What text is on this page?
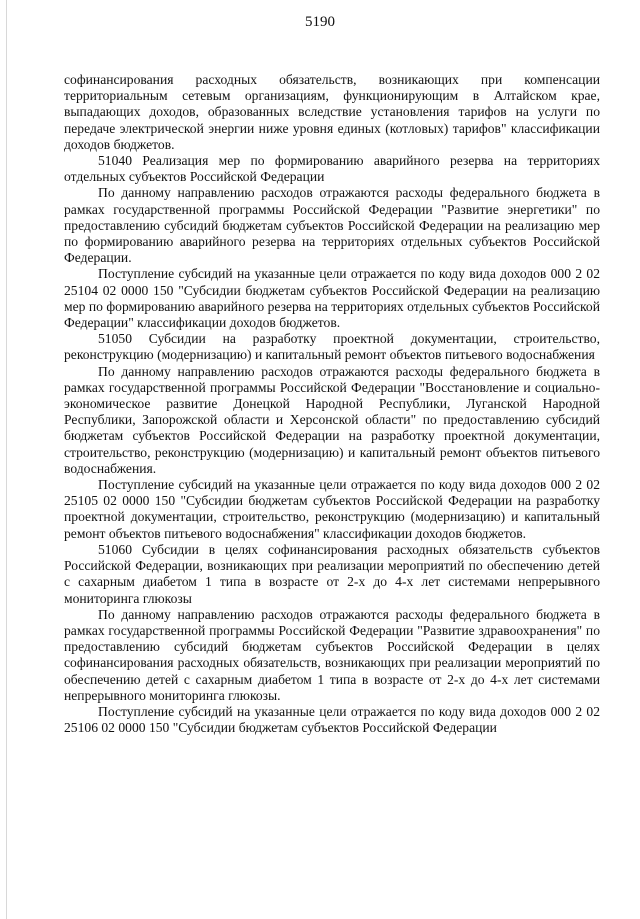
5190

софинансирования расходных обязательств, возникающих при компенсации территориальным сетевым организациям, функционирующим в Алтайском крае, выпадающих доходов, образованных вследствие установления тарифов на услуги по передаче электрической энергии ниже уровня единых (котловых) тарифов" классификации доходов бюджетов.

51040 Реализация мер по формированию аварийного резерва на территориях отдельных субъектов Российской Федерации

По данному направлению расходов отражаются расходы федерального бюджета в рамках государственной программы Российской Федерации "Развитие энергетики" по предоставлению субсидий бюджетам субъектов Российской Федерации на реализацию мер по формированию аварийного резерва на территориях отдельных субъектов Российской Федерации.

Поступление субсидий на указанные цели отражается по коду вида доходов 000 2 02 25104 02 0000 150 "Субсидии бюджетам субъектов Российской Федерации на реализацию мер по формированию аварийного резерва на территориях отдельных субъектов Российской Федерации" классификации доходов бюджетов.

51050 Субсидии на разработку проектной документации, строительство, реконструкцию (модернизацию) и капитальный ремонт объектов питьевого водоснабжения

По данному направлению расходов отражаются расходы федерального бюджета в рамках государственной программы Российской Федерации "Восстановление и социально-экономическое развитие Донецкой Народной Республики, Луганской Народной Республики, Запорожской области и Херсонской области" по предоставлению субсидий бюджетам субъектов Российской Федерации на разработку проектной документации, строительство, реконструкцию (модернизацию) и капитальный ремонт объектов питьевого водоснабжения.

Поступление субсидий на указанные цели отражается по коду вида доходов 000 2 02 25105 02 0000 150 "Субсидии бюджетам субъектов Российской Федерации на разработку проектной документации, строительство, реконструкцию (модернизацию) и капитальный ремонт объектов питьевого водоснабжения" классификации доходов бюджетов.

51060 Субсидии в целях софинансирования расходных обязательств субъектов Российской Федерации, возникающих при реализации мероприятий по обеспечению детей с сахарным диабетом 1 типа в возрасте от 2-х до 4-х лет системами непрерывного мониторинга глюкозы

По данному направлению расходов отражаются расходы федерального бюджета в рамках государственной программы Российской Федерации "Развитие здравоохранения" по предоставлению субсидий бюджетам субъектов Российской Федерации в целях софинансирования расходных обязательств, возникающих при реализации мероприятий по обеспечению детей с сахарным диабетом 1 типа в возрасте от 2-х до 4-х лет системами непрерывного мониторинга глюкозы.

Поступление субсидий на указанные цели отражается по коду вида доходов 000 2 02 25106 02 0000 150 "Субсидии бюджетам субъектов Российской Федерации
